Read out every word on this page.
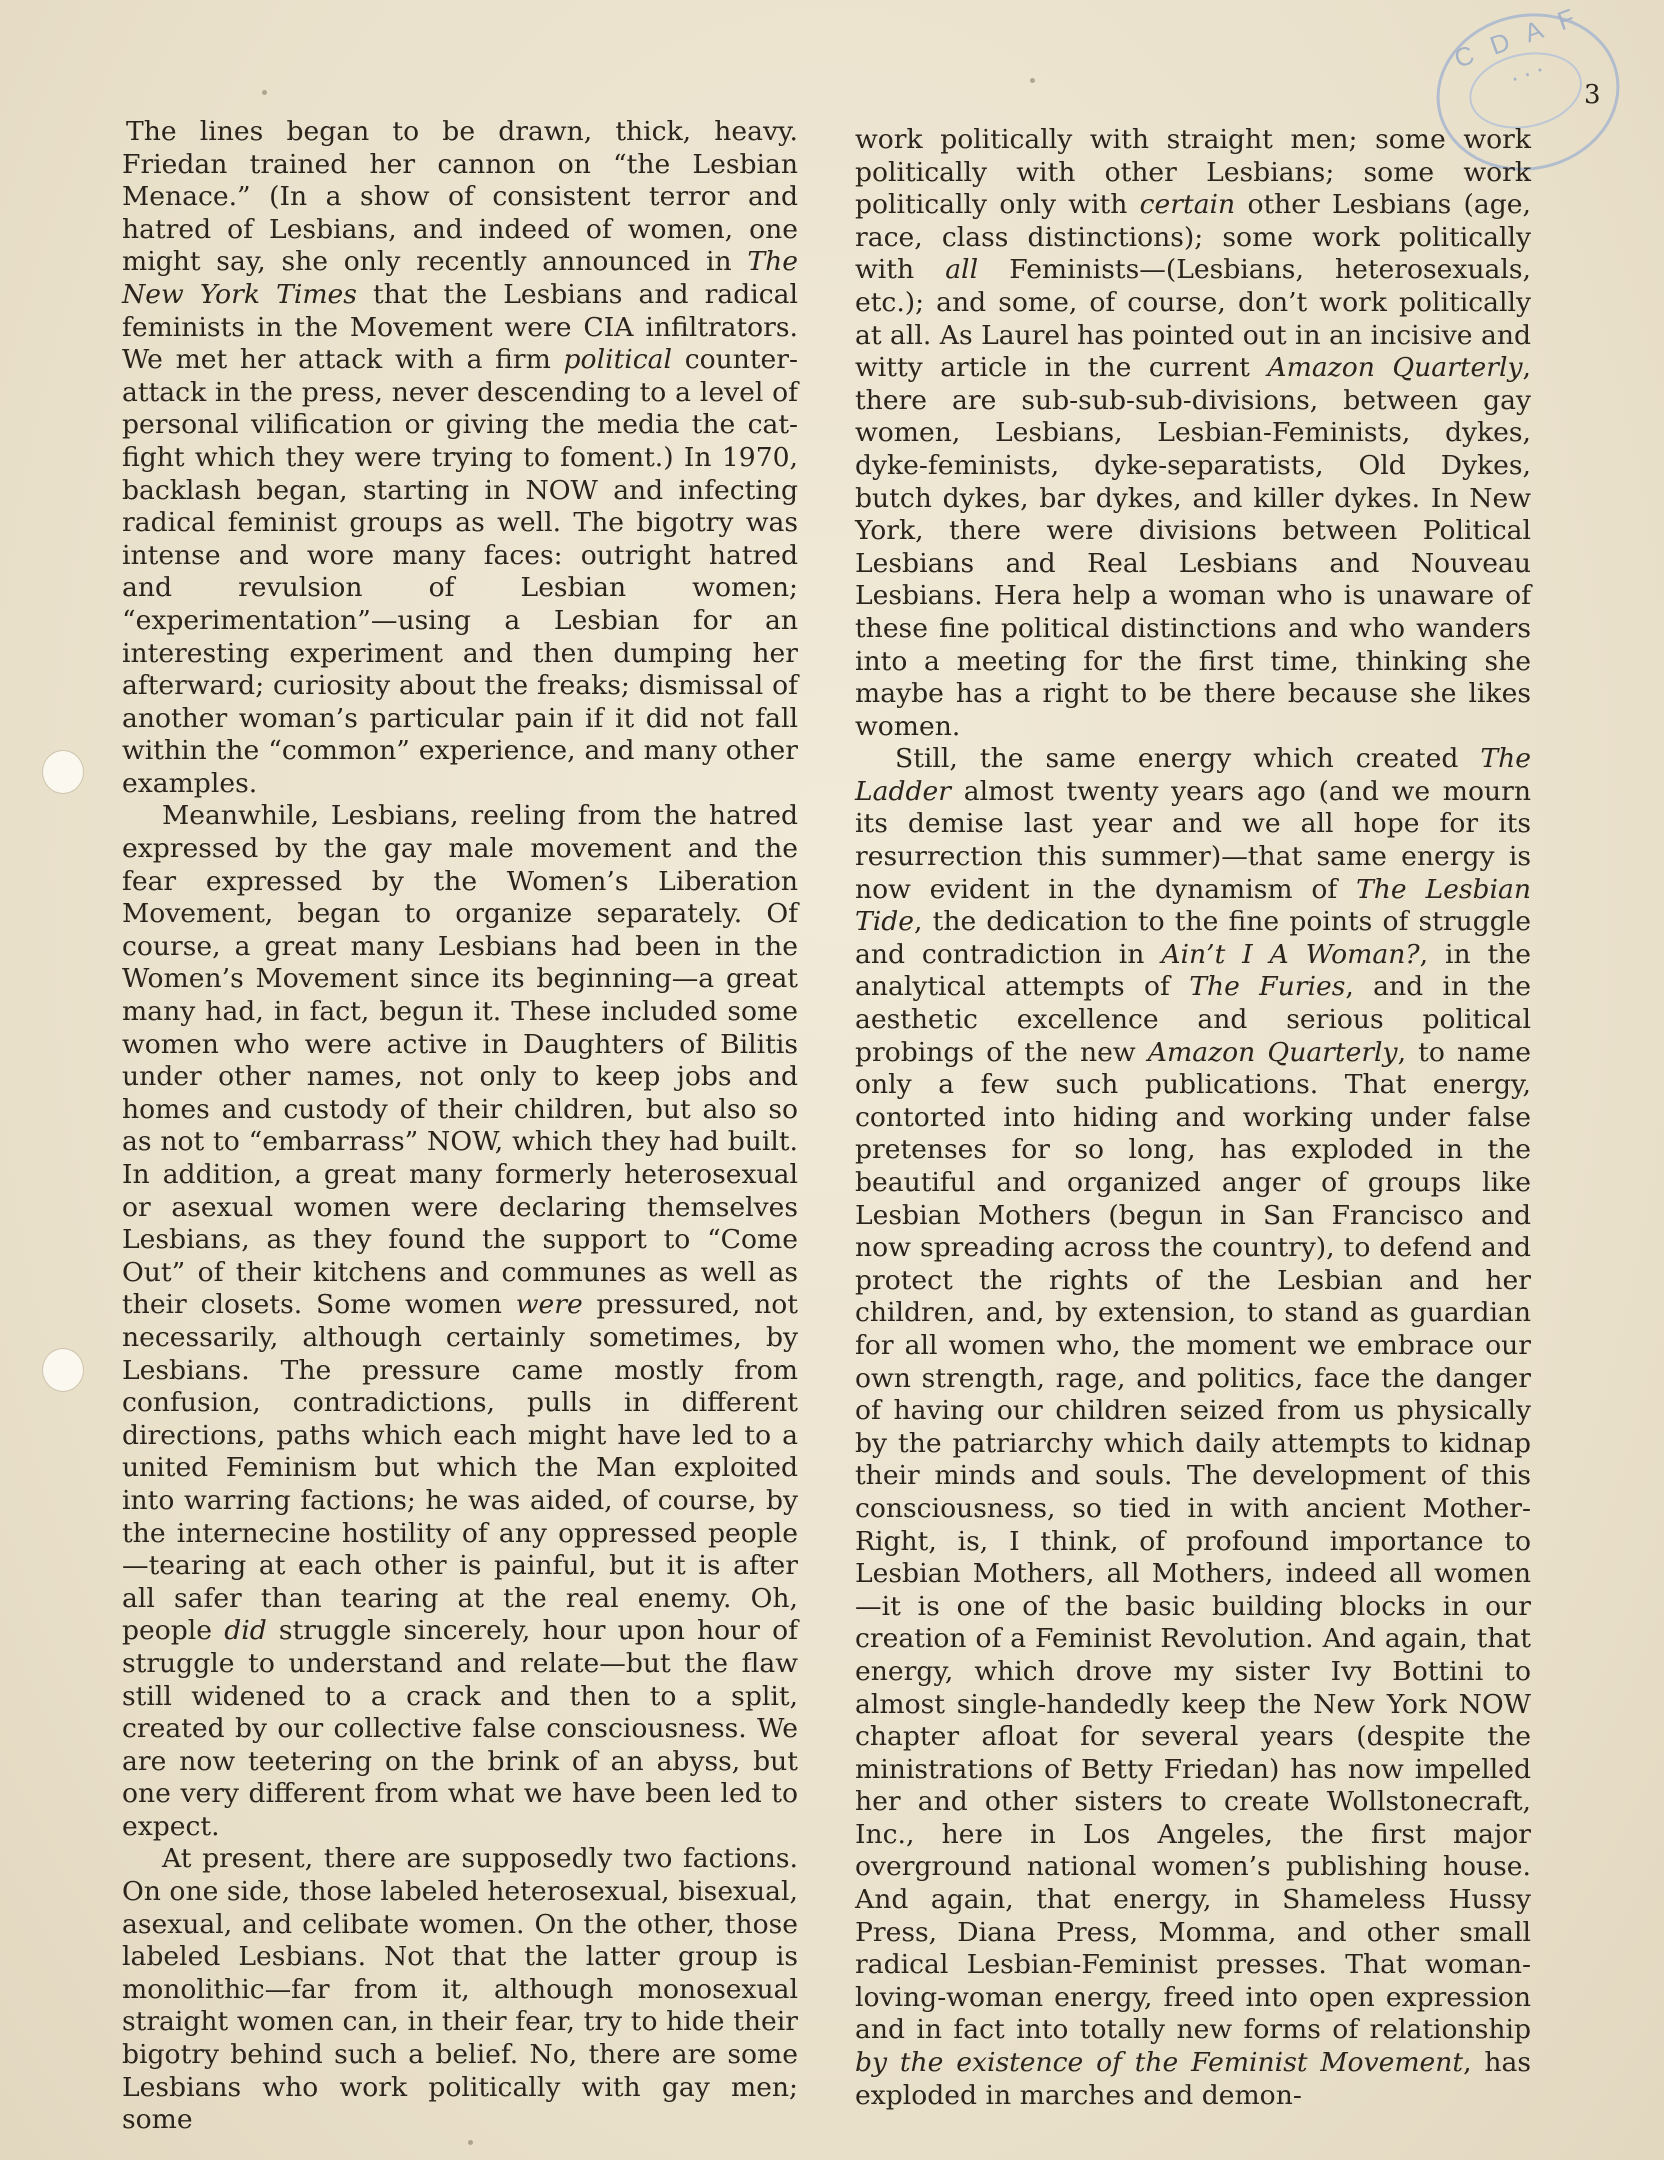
C D A F ...
3

The lines began to be drawn, thick, heavy. Friedan trained her cannon on “the Lesbian Menace.” (In a show of consistent terror and hatred of Lesbians, and indeed of women, one might say, she only recently announced in The New York Times that the Lesbians and radical feminists in the Movement were CIA infiltrators. We met her attack with a firm political counter-attack in the press, never descending to a level of personal vilification or giving the media the cat-fight which they were trying to foment.) In 1970, backlash began, starting in NOW and infecting radical feminist groups as well. The bigotry was intense and wore many faces: outright hatred and revulsion of Lesbian women; “experimentation”—using a Lesbian for an interesting experiment and then dumping her afterward; curiosity about the freaks; dismissal of another woman’s particular pain if it did not fall within the “common” experience, and many other examples.

Meanwhile, Lesbians, reeling from the hatred expressed by the gay male movement and the fear expressed by the Women’s Liberation Movement, began to organize separately. Of course, a great many Lesbians had been in the Women’s Movement since its beginning—a great many had, in fact, begun it. These included some women who were active in Daughters of Bilitis under other names, not only to keep jobs and homes and custody of their children, but also so as not to “embarrass” NOW, which they had built. In addition, a great many formerly heterosexual or asexual women were declaring themselves Lesbians, as they found the support to “Come Out” of their kitchens and communes as well as their closets. Some women were pressured, not necessarily, although certainly sometimes, by Lesbians. The pressure came mostly from confusion, contradictions, pulls in different directions, paths which each might have led to a united Feminism but which the Man exploited into warring factions; he was aided, of course, by the internecine hostility of any oppressed people—tearing at each other is painful, but it is after all safer than tearing at the real enemy. Oh, people did struggle sincerely, hour upon hour of struggle to understand and relate—but the flaw still widened to a crack and then to a split, created by our collective false consciousness. We are now teetering on the brink of an abyss, but one very different from what we have been led to expect.

At present, there are supposedly two factions. On one side, those labeled heterosexual, bisexual, asexual, and celibate women. On the other, those labeled Lesbians. Not that the latter group is monolithic—far from it, although monosexual straight women can, in their fear, try to hide their bigotry behind such a belief. No, there are some Lesbians who work politically with gay men; some

work politically with straight men; some work politically with other Lesbians; some work politically only with certain other Lesbians (age, race, class distinctions); some work politically with all Feminists—(Lesbians, heterosexuals, etc.); and some, of course, don’t work politically at all. As Laurel has pointed out in an incisive and witty article in the current Amazon Quarterly, there are sub-sub-sub-divisions, between gay women, Lesbians, Lesbian-Feminists, dykes, dyke-feminists, dyke-separatists, Old Dykes, butch dykes, bar dykes, and killer dykes. In New York, there were divisions between Political Lesbians and Real Lesbians and Nouveau Lesbians. Hera help a woman who is unaware of these fine political distinctions and who wanders into a meeting for the first time, thinking she maybe has a right to be there because she likes women.

Still, the same energy which created The Ladder almost twenty years ago (and we mourn its demise last year and we all hope for its resurrection this summer)—that same energy is now evident in the dynamism of The Lesbian Tide, the dedication to the fine points of struggle and contradiction in Ain’t I A Woman?, in the analytical attempts of The Furies, and in the aesthetic excellence and serious political probings of the new Amazon Quarterly, to name only a few such publications. That energy, contorted into hiding and working under false pretenses for so long, has exploded in the beautiful and organized anger of groups like Lesbian Mothers (begun in San Francisco and now spreading across the country), to defend and protect the rights of the Lesbian and her children, and, by extension, to stand as guardian for all women who, the moment we embrace our own strength, rage, and politics, face the danger of having our children seized from us physically by the patriarchy which daily attempts to kidnap their minds and souls. The development of this consciousness, so tied in with ancient Mother-Right, is, I think, of profound importance to Lesbian Mothers, all Mothers, indeed all women—it is one of the basic building blocks in our creation of a Feminist Revolution. And again, that energy, which drove my sister Ivy Bottini to almost single-handedly keep the New York NOW chapter afloat for several years (despite the ministrations of Betty Friedan) has now impelled her and other sisters to create Wollstonecraft, Inc., here in Los Angeles, the first major overground national women’s publishing house. And again, that energy, in Shameless Hussy Press, Diana Press, Momma, and other small radical Lesbian-Feminist presses. That woman-loving-woman energy, freed into open expression and in fact into totally new forms of relationship by the existence of the Feminist Movement, has exploded in marches and demon-
